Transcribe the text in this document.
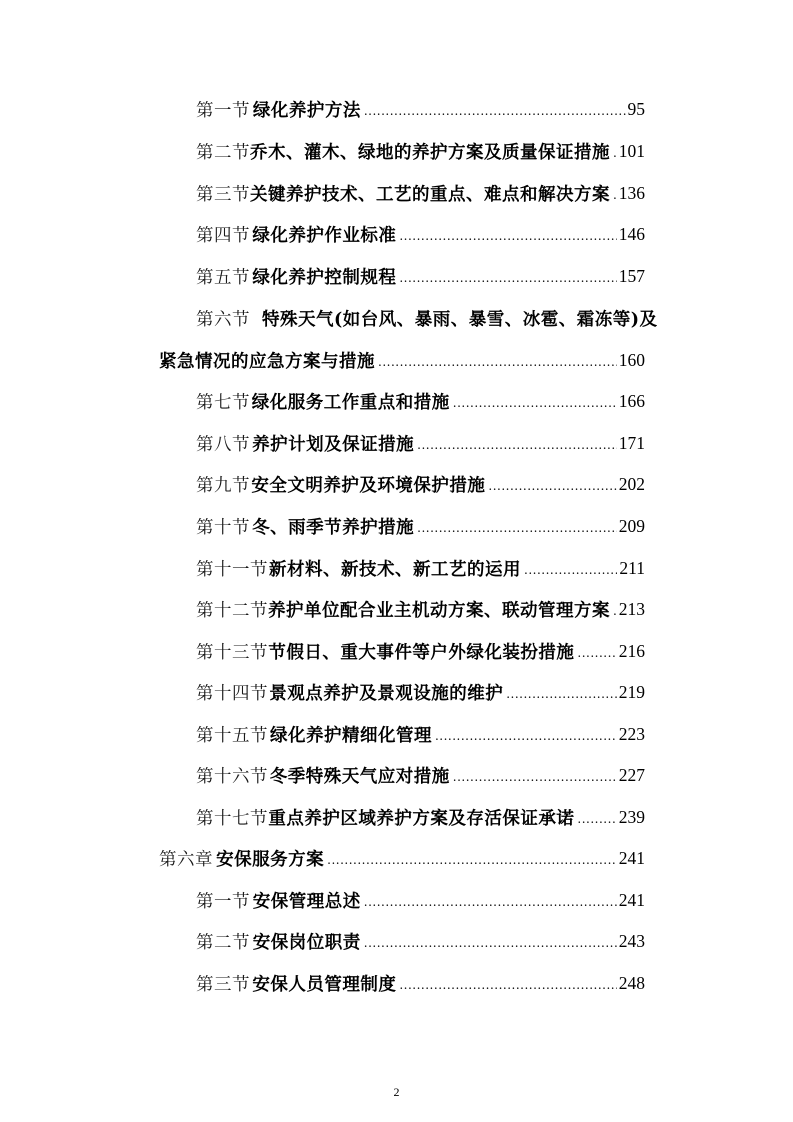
第一节 绿化养护方法 .....	95
第二节 乔木、灌木、绿地的养护方案及质量保证措施 ..... 101
第三节 关键养护技术、工艺的重点、难点和解决方案 ..... 136
第四节 绿化养护作业标准 .....	146
第五节 绿化养护控制规程 .....	157
第六节 特殊天气(如台风、暴雨、暴雪、冰雹、霜冻等)及
紧急情况的应急方案与措施 .....	160
第七节 绿化服务工作重点和措施 .....	166
第八节 养护计划及保证措施 .....	171
第九节 安全文明养护及环境保护措施 .....	202
第十节 冬、雨季节养护措施 .....	209
第十一节 新材料、新技术、新工艺的运用 .....	211
第十二节 养护单位配合业主机动方案、联动管理方案 ..... 213
第十三节 节假日、重大事件等户外绿化装扮措施 .....	216
第十四节 景观点养护及景观设施的维护 .....	219
第十五节 绿化养护精细化管理 .....	223
第十六节 冬季特殊天气应对措施 .....	227
第十七节 重点养护区域养护方案及存活保证承诺 .....	239
第六章 安保服务方案 .....	241
第一节 安保管理总述 .....	241
第二节 安保岗位职责 .....	243
第三节 安保人员管理制度 .....	248
2
